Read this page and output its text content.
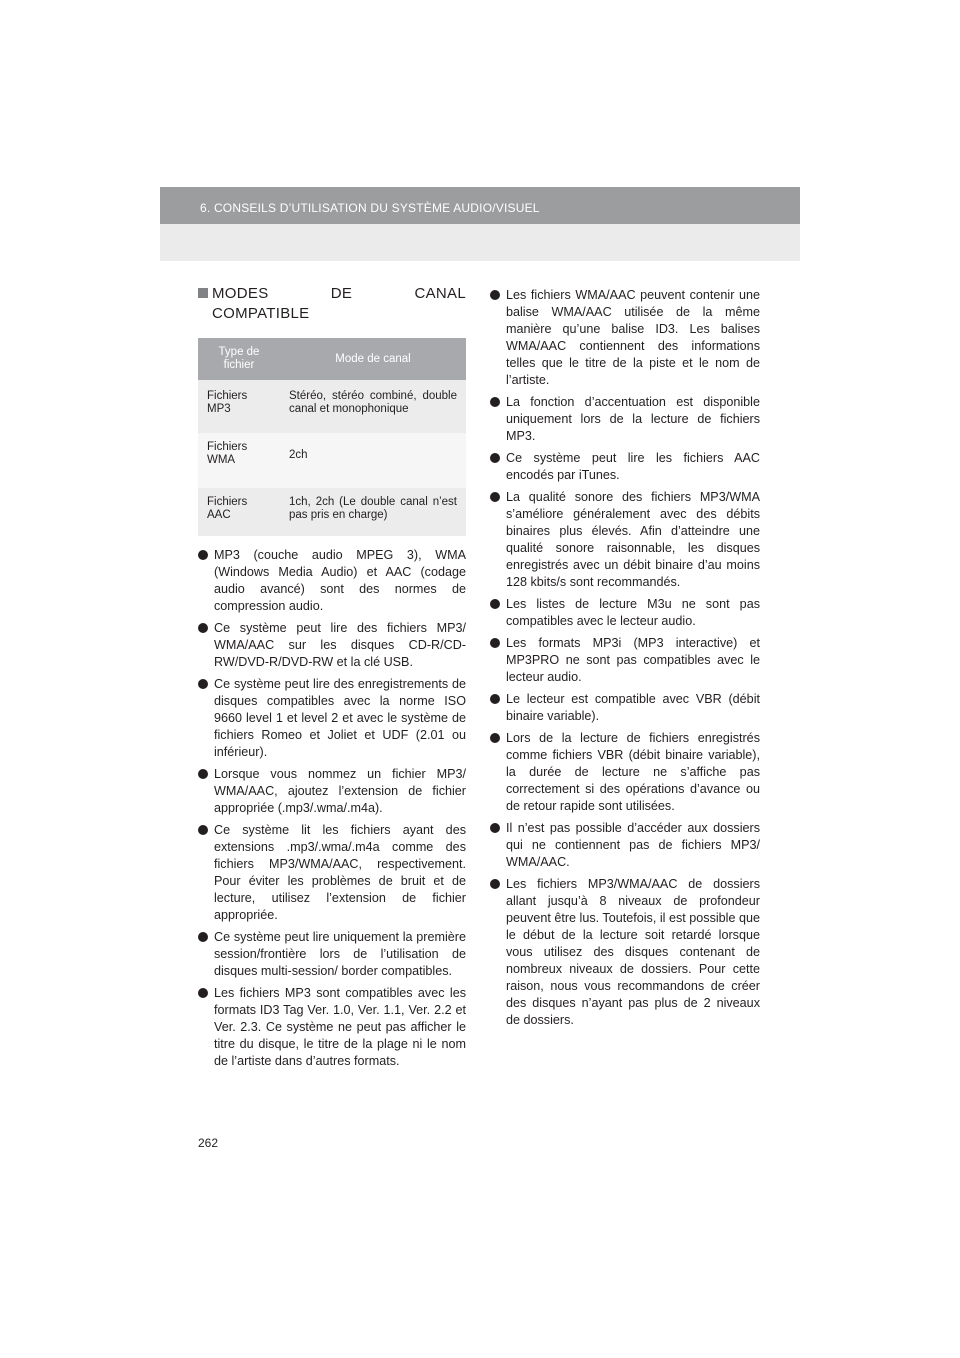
6. CONSEILS D’UTILISATION DU SYSTÈME AUDIO/VISUEL
MODES DE CANAL
COMPATIBLE
Type de fichier	Mode de canal
Fichiers MP3	Stéréo, stéréo combiné, double canal et monophonique
Fichiers WMA	2ch
Fichiers AAC	1ch, 2ch (Le double canal n’est pas pris en charge)
MP3 (couche audio MPEG 3), WMA (Windows Media Audio) et AAC (codage audio avancé) sont des normes de compression audio.
Ce système peut lire des fichiers MP3/ WMA/AAC sur les disques CD-R/CD-RW/DVD-R/DVD-RW et la clé USB.
Ce système peut lire des enregistrements de disques compatibles avec la norme ISO 9660 level 1 et level 2 et avec le système de fichiers Romeo et Joliet et UDF (2.01 ou inférieur).
Lorsque vous nommez un fichier MP3/ WMA/AAC, ajoutez l’extension de fichier appropriée (.mp3/.wma/.m4a).
Ce système lit les fichiers ayant des extensions .mp3/.wma/.m4a comme des fichiers MP3/WMA/AAC, respectivement. Pour éviter les problèmes de bruit et de lecture, utilisez l’extension de fichier appropriée.
Ce système peut lire uniquement la première session/frontière lors de l’utilisation de disques multi-session/ border compatibles.
Les fichiers MP3 sont compatibles avec les formats ID3 Tag Ver. 1.0, Ver. 1.1, Ver. 2.2 et Ver. 2.3. Ce système ne peut pas afficher le titre du disque, le titre de la plage ni le nom de l’artiste dans d’autres formats.
Les fichiers WMA/AAC peuvent contenir une balise WMA/AAC utilisée de la même manière qu’une balise ID3. Les balises WMA/AAC contiennent des informations telles que le titre de la piste et le nom de l’artiste.
La fonction d’accentuation est disponible uniquement lors de la lecture de fichiers MP3.
Ce système peut lire les fichiers AAC encodés par iTunes.
La qualité sonore des fichiers MP3/WMA s’améliore généralement avec des débits binaires plus élevés. Afin d’atteindre une qualité sonore raisonnable, les disques enregistrés avec un débit binaire d’au moins 128 kbits/s sont recommandés.
Les listes de lecture M3u ne sont pas compatibles avec le lecteur audio.
Les formats MP3i (MP3 interactive) et MP3PRO ne sont pas compatibles avec le lecteur audio.
Le lecteur est compatible avec VBR (débit binaire variable).
Lors de la lecture de fichiers enregistrés comme fichiers VBR (débit binaire variable), la durée de lecture ne s’affiche pas correctement si des opérations d’avance ou de retour rapide sont utilisées.
Il n’est pas possible d’accéder aux dossiers qui ne contiennent pas de fichiers MP3/ WMA/AAC.
Les fichiers MP3/WMA/AAC de dossiers allant jusqu’à 8 niveaux de profondeur peuvent être lus. Toutefois, il est possible que le début de la lecture soit retardé lorsque vous utilisez des disques contenant de nombreux niveaux de dossiers. Pour cette raison, nous vous recommandons de créer des disques n’ayant pas plus de 2 niveaux de dossiers.
262
